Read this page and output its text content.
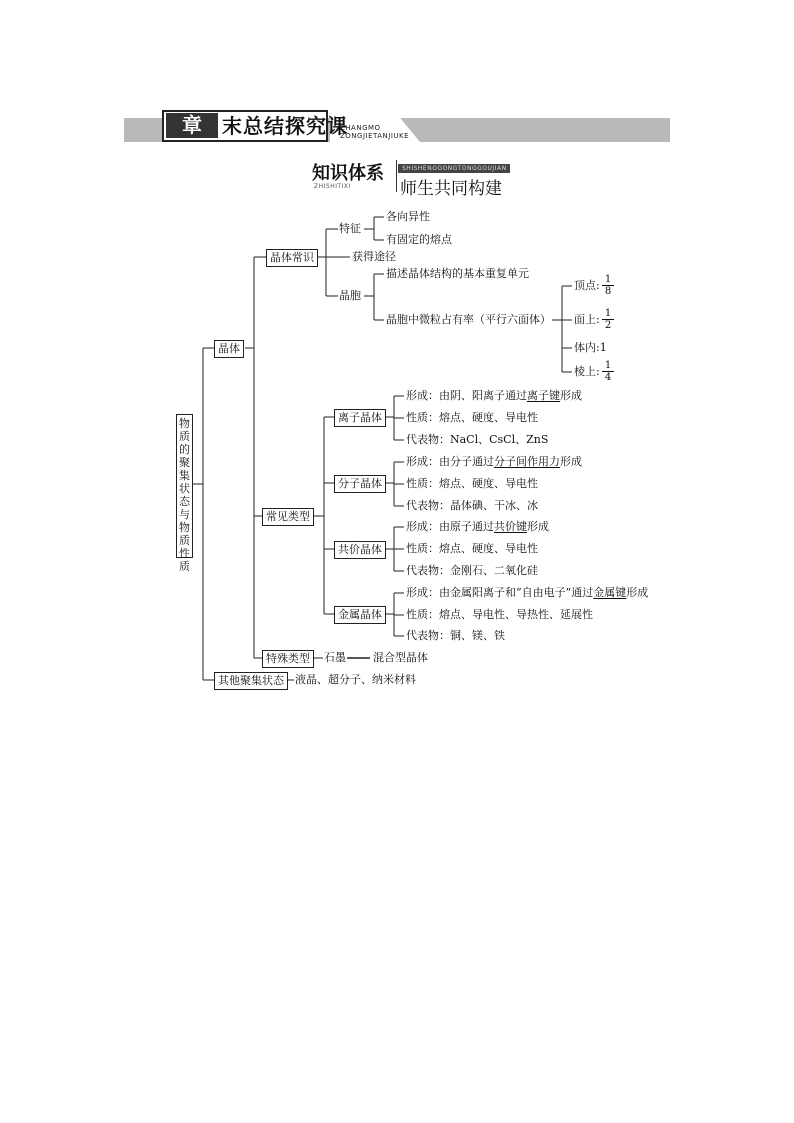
章	末总结探究课
ZHANGMO
ZONGJIETANJIUKE
知识体系	SHISHENGGONGTONGGOUJIAN
ZHISHITIXI	师生共同构建
物
质
的
聚
集
状
态
与
物
质
性 质
晶体
其他聚集状态	液晶、超分子、纳米材料
晶体常识
常见类型
特殊类型	石墨 混合型晶体
特征
各向异性
有固定的熔点
获得途径
晶胞
描述晶体结构的基本重复单元
晶胞中微粒占有率（平行六面体）
顶点: $\frac{1}{8}$
面上: $\frac{1}{2}$
体内:1
棱上: $\frac{1}{4}$
离子晶体
分子晶体
共价晶体
金属晶体
形成：由阴、阳离子通过离子键形成
性质：熔点、硬度、导电性
代表物：NaCl、CsCl、ZnS
形成：由分子通过分子间作用力形成
性质：熔点、硬度、导电性
代表物：晶体碘、干冰、冰
形成：由原子通过共价键形成
性质：熔点、硬度、导电性
代表物：金刚石、二氧化硅
形成：由金属阳离子和“自由电子”通过金属键形成
性质：熔点、导电性、导热性、延展性
代表物：铜、镁、铁
